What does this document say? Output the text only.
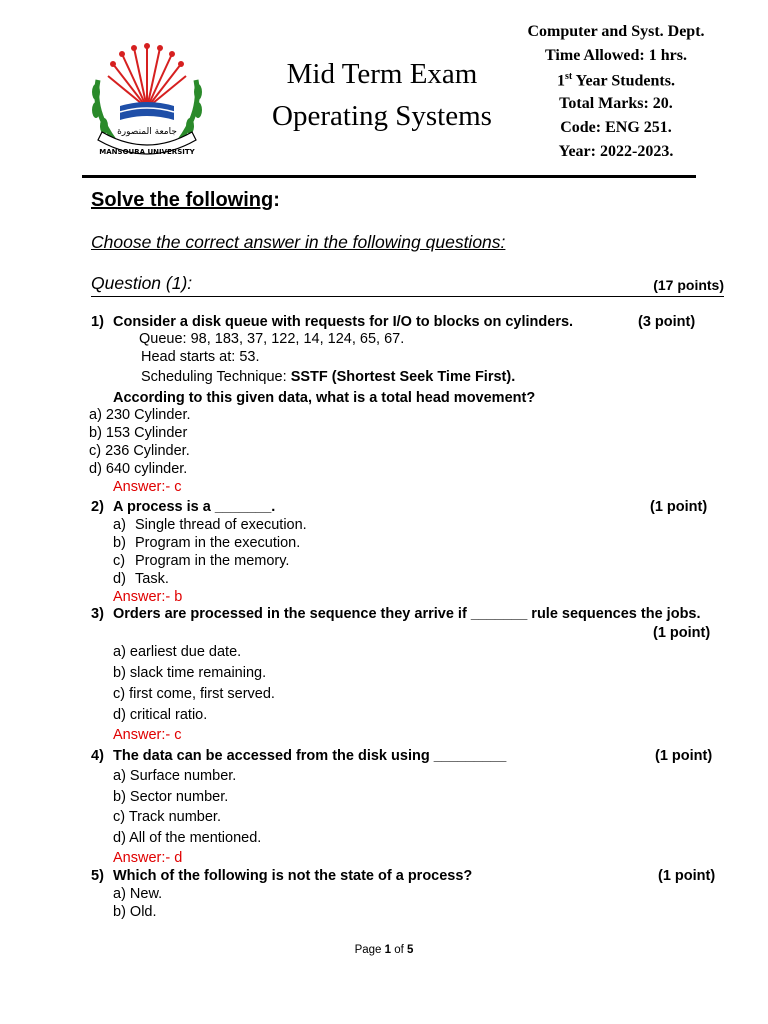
جامعة المنصورة
MANSOURA UNIVERSITY
Mid Term Exam
Operating Systems
Computer and Syst. Dept.
Time Allowed: 1 hrs.
1st Year Students.
Total Marks: 20.
Code: ENG 251.
Year: 2022-2023.
Solve the following:
Choose the correct answer in the following questions:
Question (1):	(17 points)
1) Consider a disk queue with requests for I/O to blocks on cylinders.	(3 point)
Queue: 98, 183, 37, 122, 14, 124, 65, 67.
Head starts at: 53.
Scheduling Technique: SSTF (Shortest Seek Time First).
According to this given data, what is a total head movement?
a) 230 Cylinder.
b) 153 Cylinder
c) 236 Cylinder.
d) 640 cylinder.
Answer:- c
2) A process is a _______.	(1 point)
a) Single thread of execution.
b) Program in the execution.
c) Program in the memory.
d) Task.
Answer:- b
3) Orders are processed in the sequence they arrive if _______ rule sequences the jobs.
(1 point)
a) earliest due date.
b) slack time remaining.
c) first come, first served.
d) critical ratio.
Answer:- c
4) The data can be accessed from the disk using _________	(1 point)
a) Surface number.
b) Sector number.
c) Track number.
d) All of the mentioned.
Answer:- d
5) Which of the following is not the state of a process?	(1 point)
a) New.
b) Old.
Page 1 of 5
